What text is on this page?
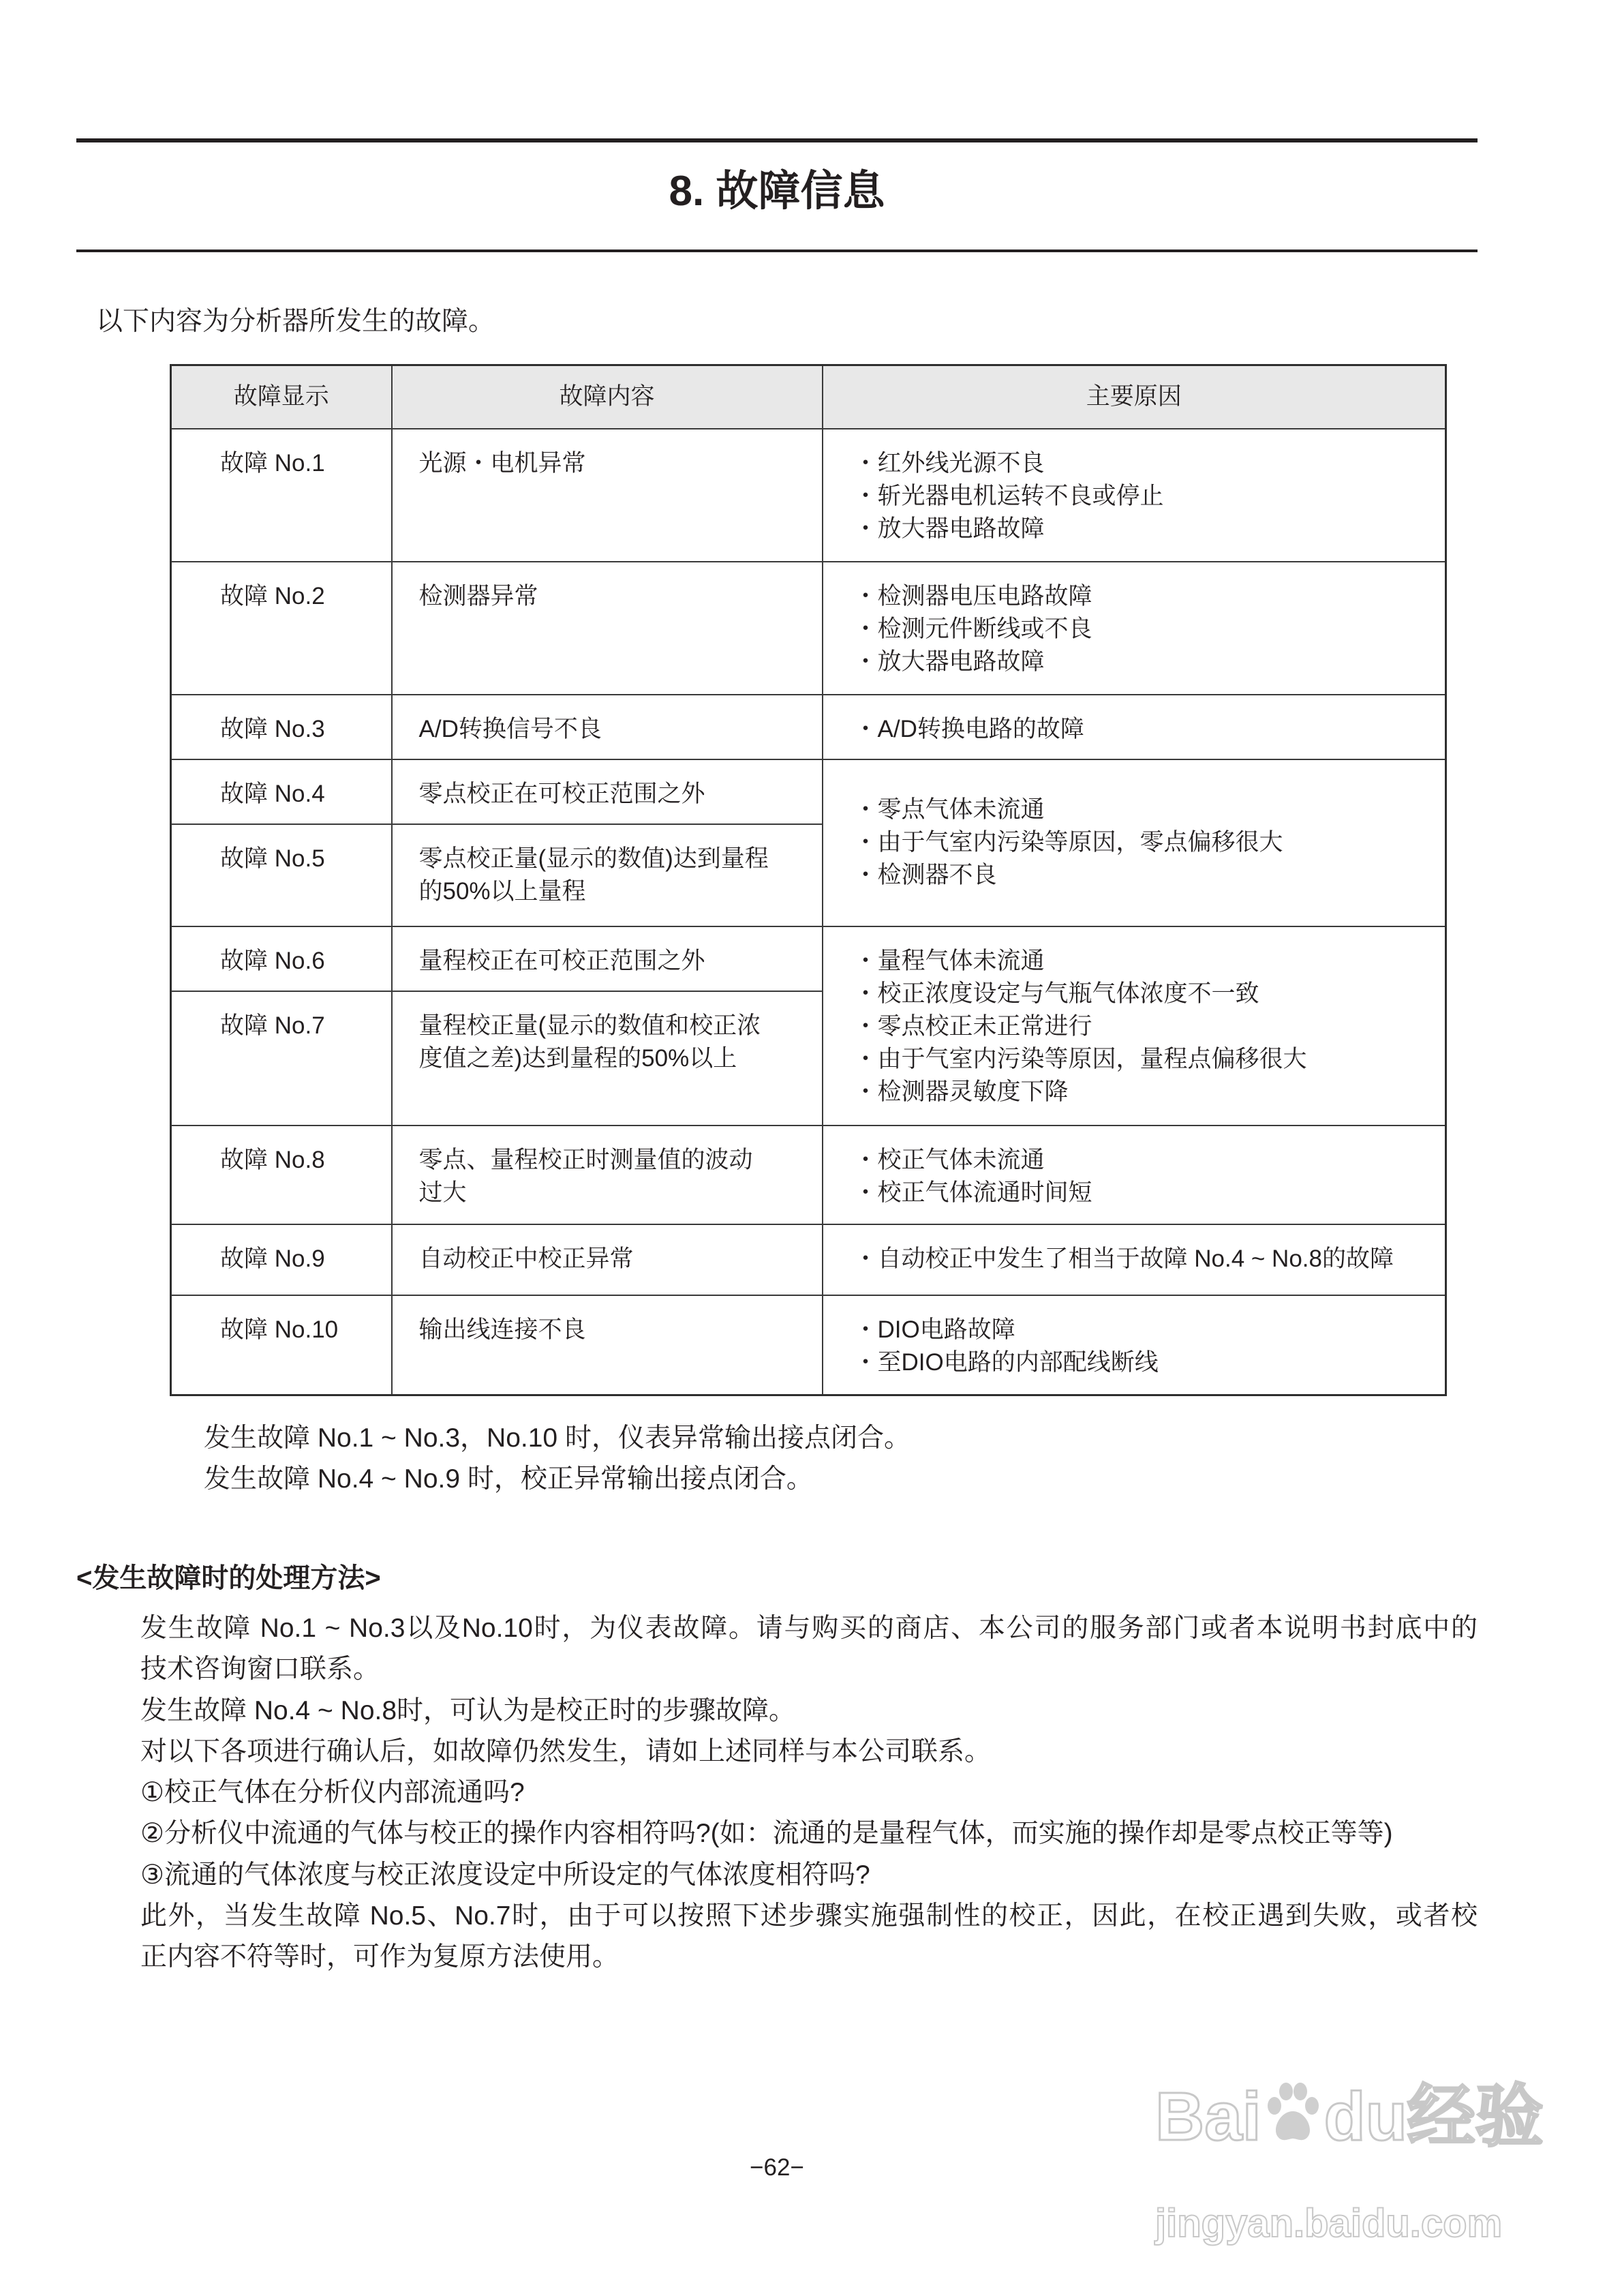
8. 故障信息
以下内容为分析器所发生的故障。
故障显示	故障内容	主要原因
故障 No.1	光源・电机异常	・红外线光源不良
・斩光器电机运转不良或停止
・放大器电路故障

故障 No.2	检测器异常	・检测器电压电路故障
・检测元件断线或不良
・放大器电路故障

故障 No.3	A/D转换信号不良	・A/D转换电路的故障

故障 No.4	零点校正在可校正范围之外	・零点气体未流通
・由于气室内污染等原因，零点偏移很大
・检测器不良

故障 No.5	零点校正量(显示的数值)达到量程
的50%以上量程	

故障 No.6	量程校正在可校正范围之外	・量程气体未流通
・校正浓度设定与气瓶气体浓度不一致
・零点校正未正常进行
・由于气室内污染等原因，量程点偏移很大
・检测器灵敏度下降

故障 No.7	量程校正量(显示的数值和校正浓
度值之差)达到量程的50%以上	

故障 No.8	零点、量程校正时测量值的波动
过大	・校正气体未流通
・校正气体流通时间短

故障 No.9	自动校正中校正异常	・自动校正中发生了相当于故障 No.4 ~ No.8的故障

故障 No.10	输出线连接不良	・DIO电路故障
・至DIO电路的内部配线断线
发生故障 No.1 ~ No.3，No.10 时，仪表异常输出接点闭合。
发生故障 No.4 ~ No.9 时，校正异常输出接点闭合。
<发生故障时的处理方法>
发生故障 No.1 ~ No.3以及No.10时，为仪表故障。请与购买的商店、本公司的服务部门或者本说明书封底中的
技术咨询窗口联系。
发生故障 No.4 ~ No.8时，可认为是校正时的步骤故障。
对以下各项进行确认后，如故障仍然发生，请如上述同样与本公司联系。
①校正气体在分析仪内部流通吗?
②分析仪中流通的气体与校正的操作内容相符吗?(如：流通的是量程气体，而实施的操作却是零点校正等等)
③流通的气体浓度与校正浓度设定中所设定的气体浓度相符吗?
此外，当发生故障 No.5、No.7时，由于可以按照下述步骤实施强制性的校正，因此，在校正遇到失败，或者校
正内容不符等时，可作为复原方法使用。
−62−
Bai du经验
jingyan.baidu.com
